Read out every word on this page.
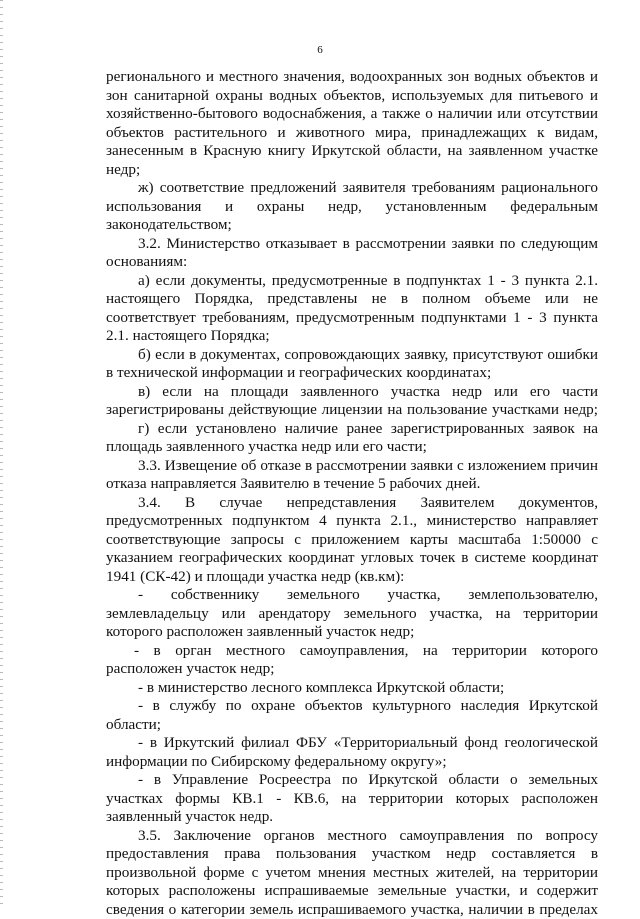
6
регионального и местного значения, водоохранных зон водных объектов и
зон санитарной охраны водных объектов, используемых для питьевого и
хозяйственно-бытового водоснабжения, а также о наличии или отсутствии
объектов растительного и животного мира, принадлежащих к видам,
занесенным в Красную книгу Иркутской области, на заявленном участке
недр;
ж) соответствие предложений заявителя требованиям рационального
использования и охраны недр, установленным федеральным
законодательством;
3.2. Министерство отказывает в рассмотрении заявки по следующим
основаниям:
а) если документы, предусмотренные в подпунктах 1 - 3 пункта 2.1.
настоящего Порядка, представлены не в полном объеме или не
соответствует требованиям, предусмотренным подпунктами 1 - 3 пункта
2.1. настоящего Порядка;
б) если в документах, сопровождающих заявку, присутствуют ошибки
в технической информации и географических координатах;
в) если на площади заявленного участка недр или его части
зарегистрированы действующие лицензии на пользование участками недр;
г) если установлено наличие ранее зарегистрированных заявок на
площадь заявленного участка недр или его части;
3.3. Извещение об отказе в рассмотрении заявки с изложением причин
отказа направляется Заявителю в течение 5 рабочих дней.
3.4. В случае непредставления Заявителем документов,
предусмотренных подпунктом 4 пункта 2.1., министерство направляет
соответствующие запросы с приложением карты масштаба 1:50000 с
указанием географических координат угловых точек в системе координат
1941 (СК-42) и площади участка недр (кв.км):
- собственнику земельного участка, землепользователю,
землевладельцу или арендатору земельного участка, на территории
которого расположен заявленный участок недр;
- в орган местного самоуправления, на территории которого
расположен участок недр;
- в министерство лесного комплекса Иркутской области;
- в службу по охране объектов культурного наследия Иркутской
области;
- в Иркутский филиал ФБУ «Территориальный фонд геологической
информации по Сибирскому федеральному округу»;
- в Управление Росреестра по Иркутской области о земельных
участках формы КВ.1 - КВ.6, на территории которых расположен
заявленный участок недр.
3.5. Заключение органов местного самоуправления по вопросу
предоставления права пользования участком недр составляется в
произвольной форме с учетом мнения местных жителей, на территории
которых расположены испрашиваемые земельные участки, и содержит
сведения о категории земель испрашиваемого участка, наличии в пределах
